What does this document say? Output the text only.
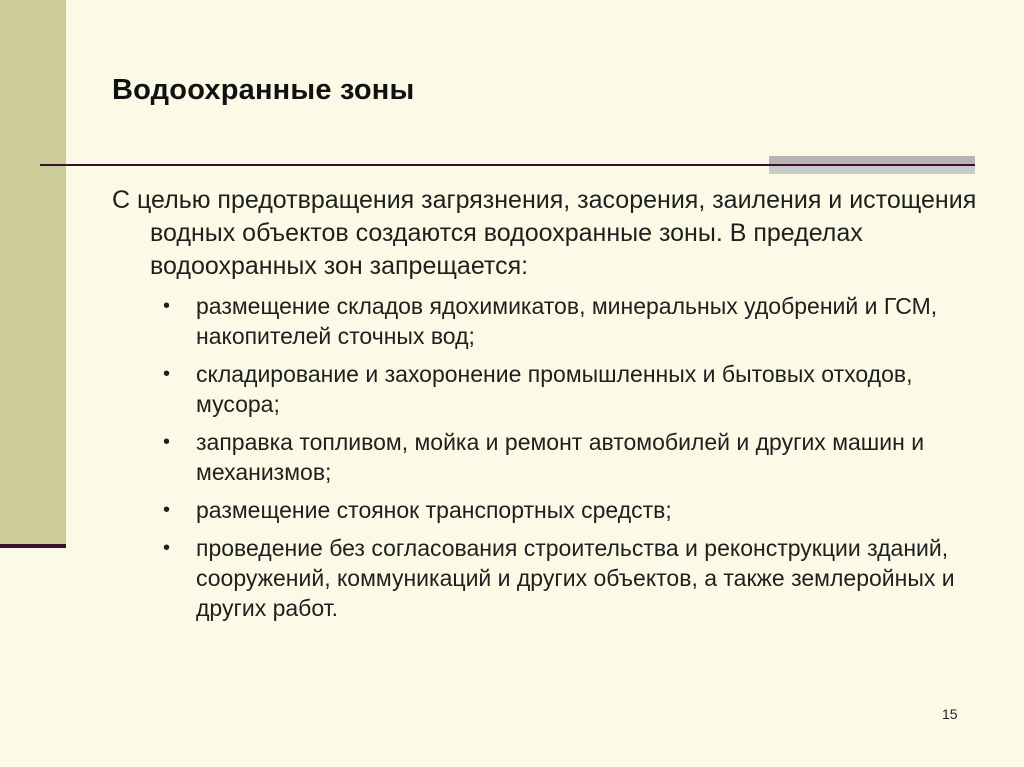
Водоохранные зоны

С целью предотвращения загрязнения, засорения, заиления и истощения водных объектов создаются водоохранные зоны. В пределах водоохранных зон запрещается:

• размещение складов ядохимикатов, минеральных удобрений и ГСМ, накопителей сточных вод;
• складирование и захоронение промышленных и бытовых отходов, мусора;
• заправка топливом, мойка и ремонт автомобилей и других машин и механизмов;
• размещение стоянок транспортных средств;
• проведение без согласования строительства и реконструкции зданий, сооружений, коммуникаций и других объектов, а также землеройных и других работ.
15
